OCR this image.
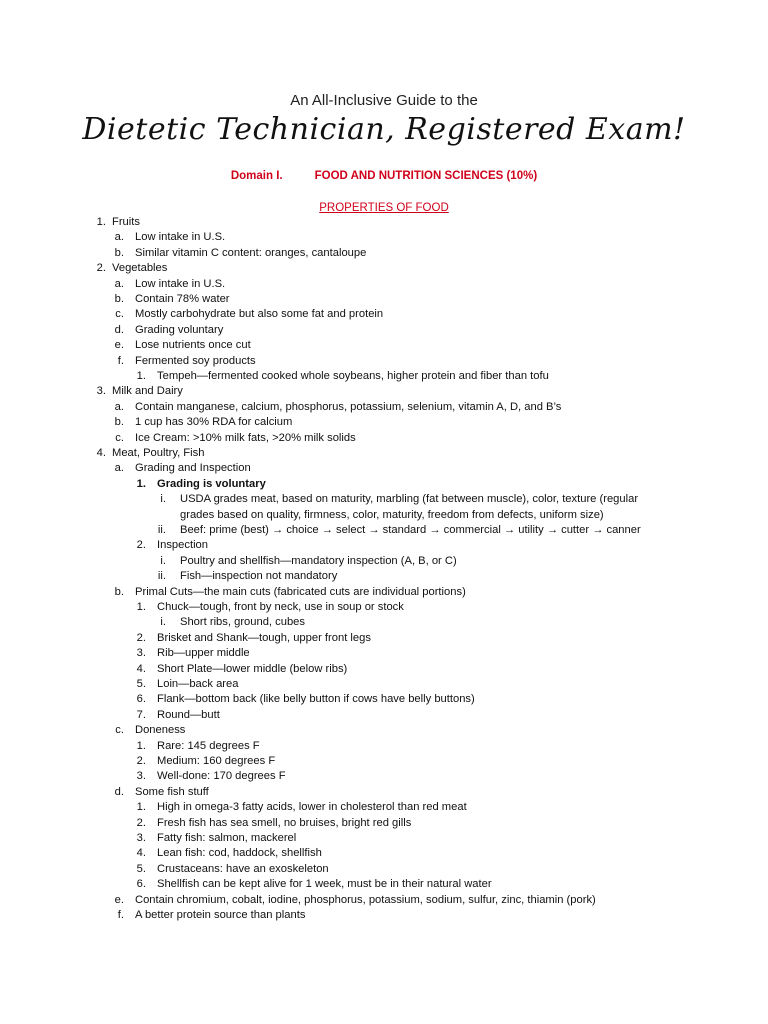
An All-Inclusive Guide to the
Dietetic Technician, Registered Exam!
Domain I.	FOOD AND NUTRITION SCIENCES (10%)
PROPERTIES OF FOOD
1. Fruits
a. Low intake in U.S.
b. Similar vitamin C content: oranges, cantaloupe
2. Vegetables
a. Low intake in U.S.
b. Contain 78% water
c. Mostly carbohydrate but also some fat and protein
d. Grading voluntary
e. Lose nutrients once cut
f. Fermented soy products
1. Tempeh—fermented cooked whole soybeans, higher protein and fiber than tofu
3. Milk and Dairy
a. Contain manganese, calcium, phosphorus, potassium, selenium, vitamin A, D, and B’s
b. 1 cup has 30% RDA for calcium
c. Ice Cream: >10% milk fats, >20% milk solids
4. Meat, Poultry, Fish
a. Grading and Inspection
1. Grading is voluntary
i. USDA grades meat, based on maturity, marbling (fat between muscle), color, texture (regular
grades based on quality, firmness, color, maturity, freedom from defects, uniform size)
ii. Beef: prime (best) → choice → select → standard → commercial → utility → cutter → canner
2. Inspection
i. Poultry and shellfish—mandatory inspection (A, B, or C)
ii. Fish—inspection not mandatory
b. Primal Cuts—the main cuts (fabricated cuts are individual portions)
1. Chuck—tough, front by neck, use in soup or stock
i. Short ribs, ground, cubes
2. Brisket and Shank—tough, upper front legs
3. Rib—upper middle
4. Short Plate—lower middle (below ribs)
5. Loin—back area
6. Flank—bottom back (like belly button if cows have belly buttons)
7. Round—butt
c. Doneness
1. Rare: 145 degrees F
2. Medium: 160 degrees F
3. Well-done: 170 degrees F
d. Some fish stuff
1. High in omega-3 fatty acids, lower in cholesterol than red meat
2. Fresh fish has sea smell, no bruises, bright red gills
3. Fatty fish: salmon, mackerel
4. Lean fish: cod, haddock, shellfish
5. Crustaceans: have an exoskeleton
6. Shellfish can be kept alive for 1 week, must be in their natural water
e. Contain chromium, cobalt, iodine, phosphorus, potassium, sodium, sulfur, zinc, thiamin (pork)
f. A better protein source than plants
